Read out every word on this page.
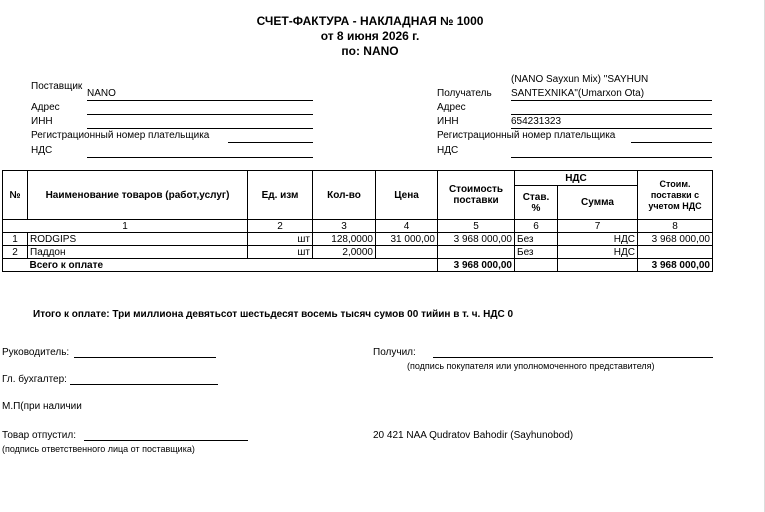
СЧЕТ-ФАКТУРА - НАКЛАДНАЯ № 1000
от 8 июня 2026 г.
по: NANO
Поставщик
NANO
Адрес
ИНН
Регистрационный номер плательщика
НДС
(NANO Sayxun Mix) "SAYHUN
Получатель SANTEXNIKA"(Umarxon Ota)
Адрес
ИНН	654231323
Регистрационный номер плательщика
НДС
№	Наименование товаров (работ,услуг)	Ед. изм	Кол-во	Цена	Стоимость поставки	НДС		Стоим. поставки с учетом НДС
						Став. %	Сумма	
1		2	3	4	5	6	7	8
1	RODGIPS	шт	128,0000	31 000,00	3 968 000,00	Без	НДС	3 968 000,00
2	Паддон	шт	2,0000			Без	НДС	
	Всего к оплате				3 968 000,00			3 968 000,00
Итого к оплате: Три миллиона девятьсот шестьдесят восемь тысяч сумов 00 тийин в т. ч. НДС 0
Руководитель:	Получил:
(подпись покупателя или уполномоченного представителя)
Гл. бухгалтер:
М.П(при наличии
Товар отпустил:
(подпись ответственного лица от поставщика)
20 421 NAA Qudratov Bahodir (Sayhunobod)
